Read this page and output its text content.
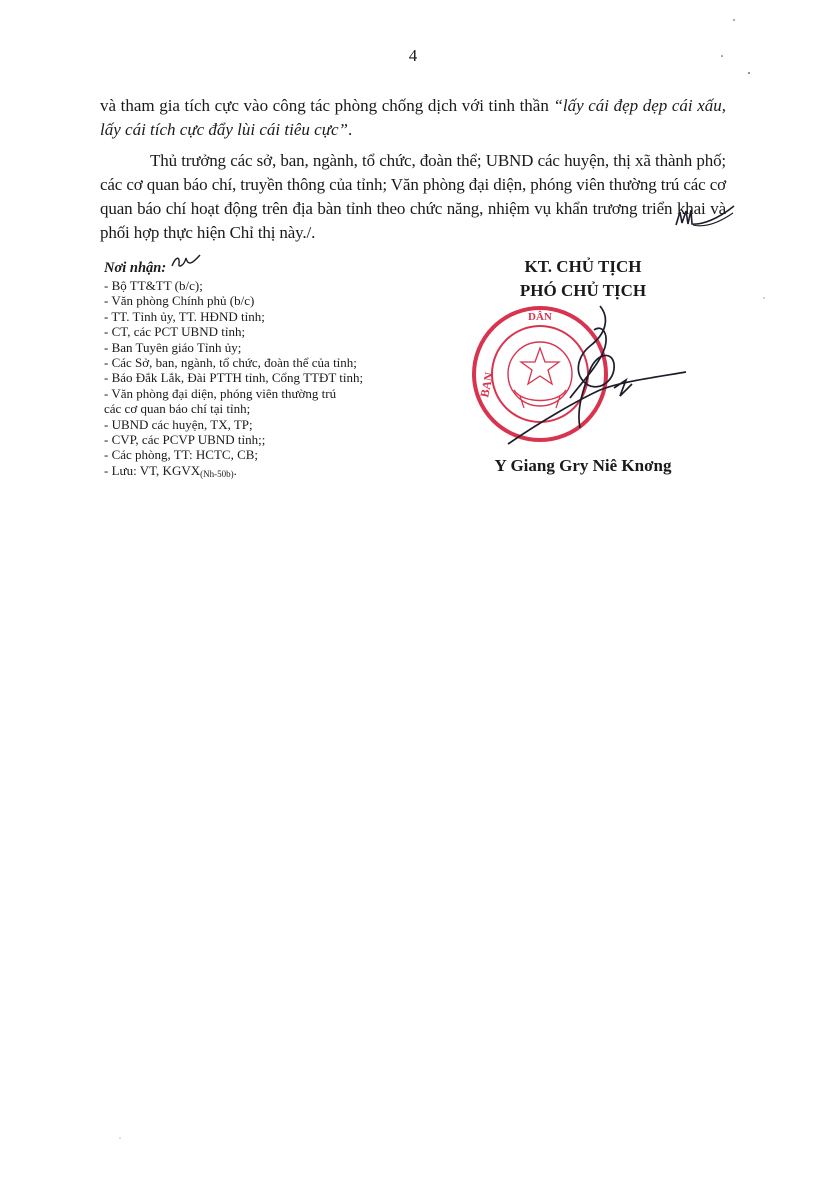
4
và tham gia tích cực vào công tác phòng chống dịch với tinh thần “lấy cái đẹp dẹp cái xấu, lấy cái tích cực đẩy lùi cái tiêu cực”.
Thủ trưởng các sở, ban, ngành, tổ chức, đoàn thể; UBND các huyện, thị xã thành phố; các cơ quan báo chí, truyền thông của tỉnh; Văn phòng đại diện, phóng viên thường trú các cơ quan báo chí hoạt động trên địa bàn tỉnh theo chức năng, nhiệm vụ khẩn trương triển khai và phối hợp thực hiện Chỉ thị này./.
Nơi nhận:
- Bộ TT&TT (b/c);
- Văn phòng Chính phủ (b/c)
- TT. Tỉnh ủy, TT. HĐND tỉnh;
- CT, các PCT UBND tỉnh;
- Ban Tuyên giáo Tỉnh ủy;
- Các Sở, ban, ngành, tổ chức, đoàn thể của tỉnh;
- Báo Đắk Lắk, Đài PTTH tỉnh, Cổng TTĐT tỉnh;
- Văn phòng đại diện, phóng viên thường trú các cơ quan báo chí tại tỉnh;
- UBND các huyện, TX, TP;
- CVP, các PCVP UBND tỉnh;;
- Các phòng, TT: HCTC, CB;
- Lưu: VT, $KGVX_{(Nh-50b)}$.
KT. CHỦ TỊCH
PHÓ CHỦ TỊCH
BAN
DÂN
Y Giang Gry Niê Knơng
